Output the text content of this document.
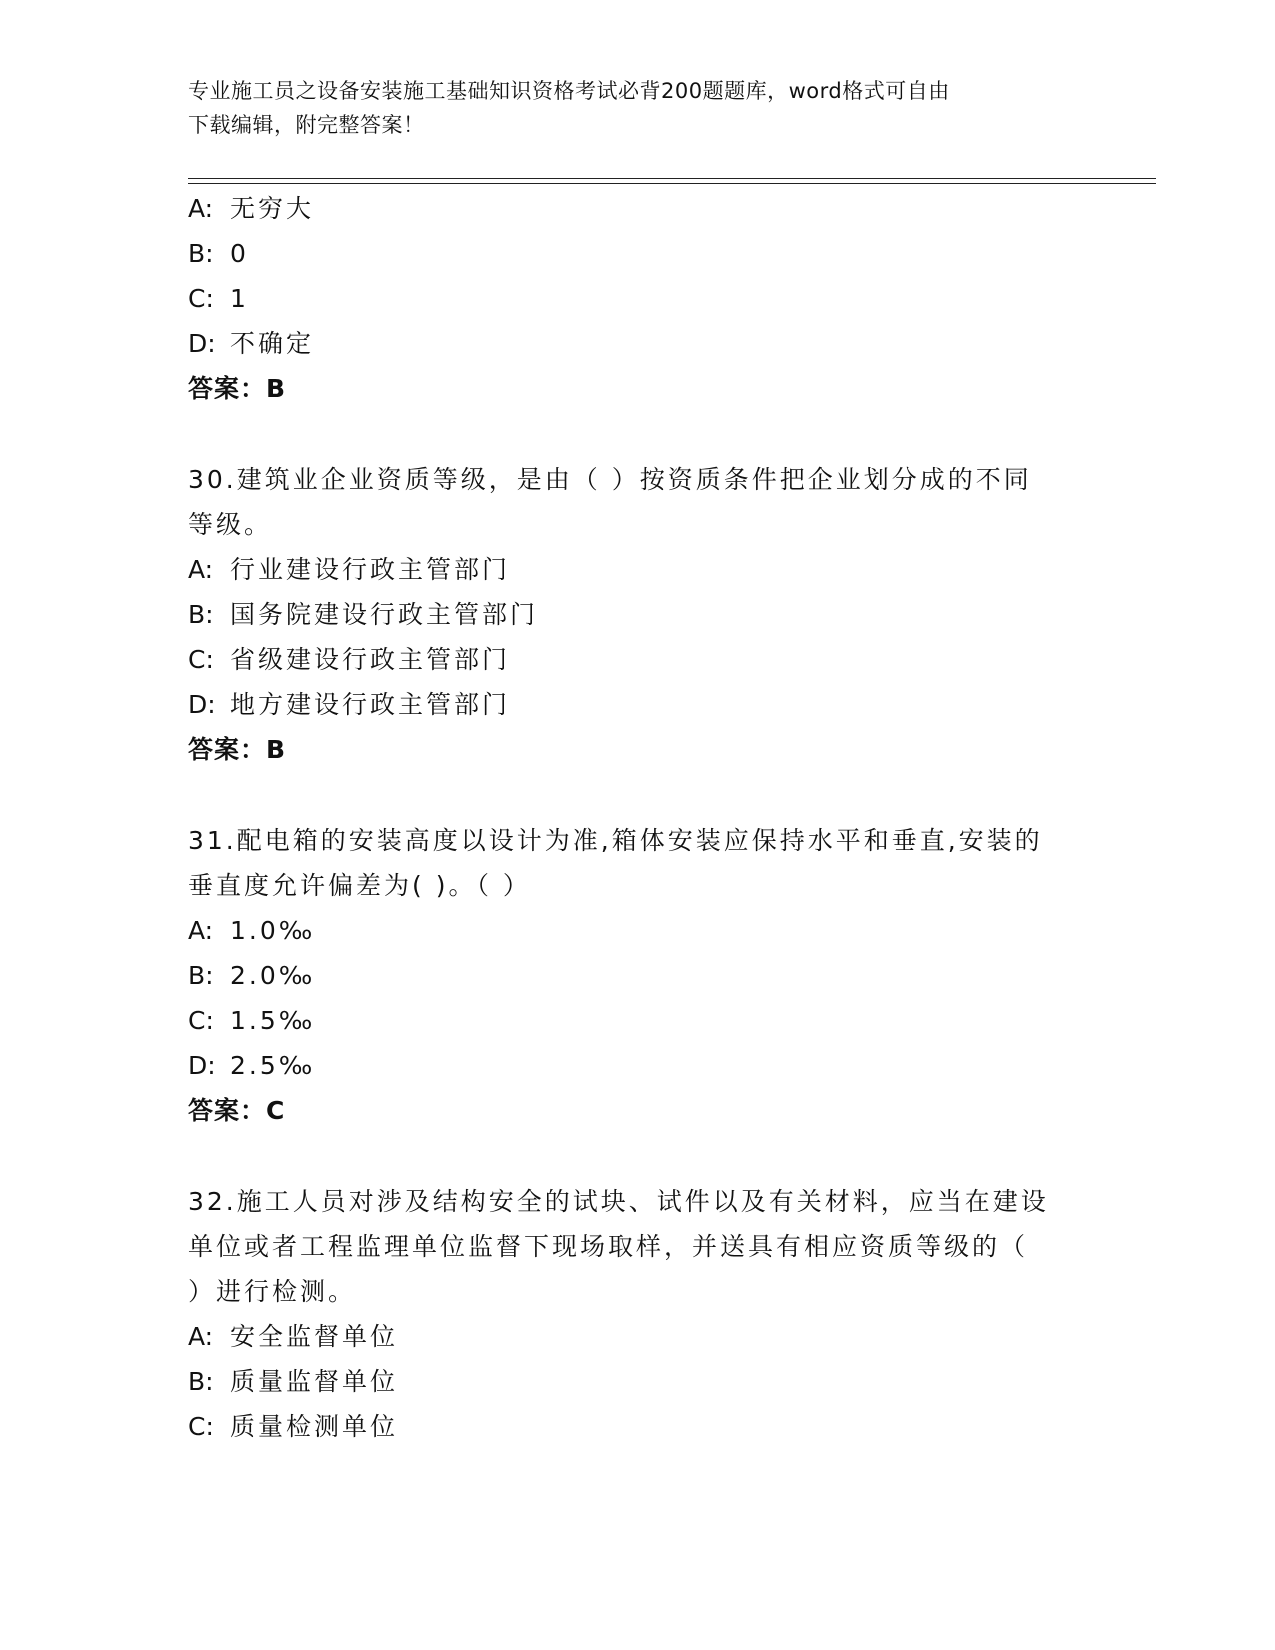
专业施工员之设备安装施工基础知识资格考试必背200题题库，word格式可自由
下载编辑，附完整答案！
A: 无穷大
B: 0
C: 1
D: 不确定
答案：B
30.建筑业企业资质等级，是由（ ）按资质条件把企业划分成的不同
等级。
A: 行业建设行政主管部门
B: 国务院建设行政主管部门
C: 省级建设行政主管部门
D: 地方建设行政主管部门
答案：B
31.配电箱的安装高度以设计为准,箱体安装应保持水平和垂直,安装的
垂直度允许偏差为( )。（ ）
A: 1.0‰
B: 2.0‰
C: 1.5‰
D: 2.5‰
答案：C
32.施工人员对涉及结构安全的试块、试件以及有关材料，应当在建设
单位或者工程监理单位监督下现场取样，并送具有相应资质等级的（
）进行检测。
A: 安全监督单位
B: 质量监督单位
C: 质量检测单位
